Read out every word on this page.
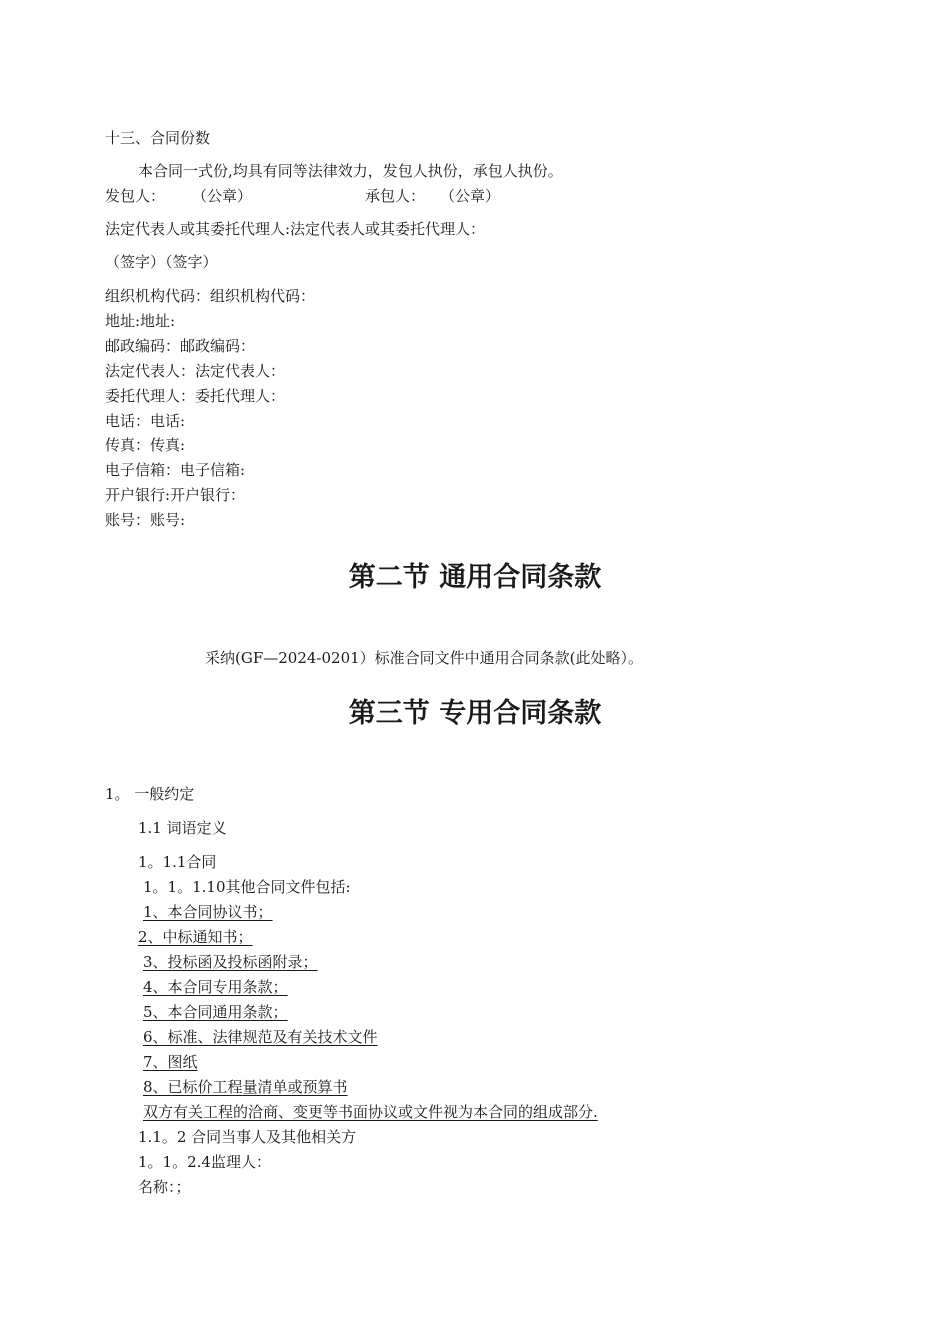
十三、合同份数
本合同一式份,均具有同等法律效力，发包人执份，承包人执份。
发包人： （公章）	承包人： （公章）
法定代表人或其委托代理人:法定代表人或其委托代理人：
（签字）（签字）
组织机构代码：组织机构代码：
地址:地址:
邮政编码：邮政编码：
法定代表人：法定代表人：
委托代理人：委托代理人：
电话：电话:
传真：传真:
电子信箱：电子信箱:
开户银行:开户银行：
账号：账号:
第二节 通用合同条款
采纳(GF—2024-0201）标准合同文件中通用合同条款(此处略）。
第三节 专用合同条款
1。 一般约定
1.1 词语定义
1。1.1合同
1。1。1.10其他合同文件包括:
1、本合同协议书；
2、中标通知书；
3、投标函及投标函附录；
4、本合同专用条款；
5、本合同通用条款；
6、标准、法律规范及有关技术文件
7、图纸
8、已标价工程量清单或预算书
双方有关工程的洽商、变更等书面协议或文件视为本合同的组成部分.
1.1。2 合同当事人及其他相关方
1。1。2.4监理人：
名称：；
